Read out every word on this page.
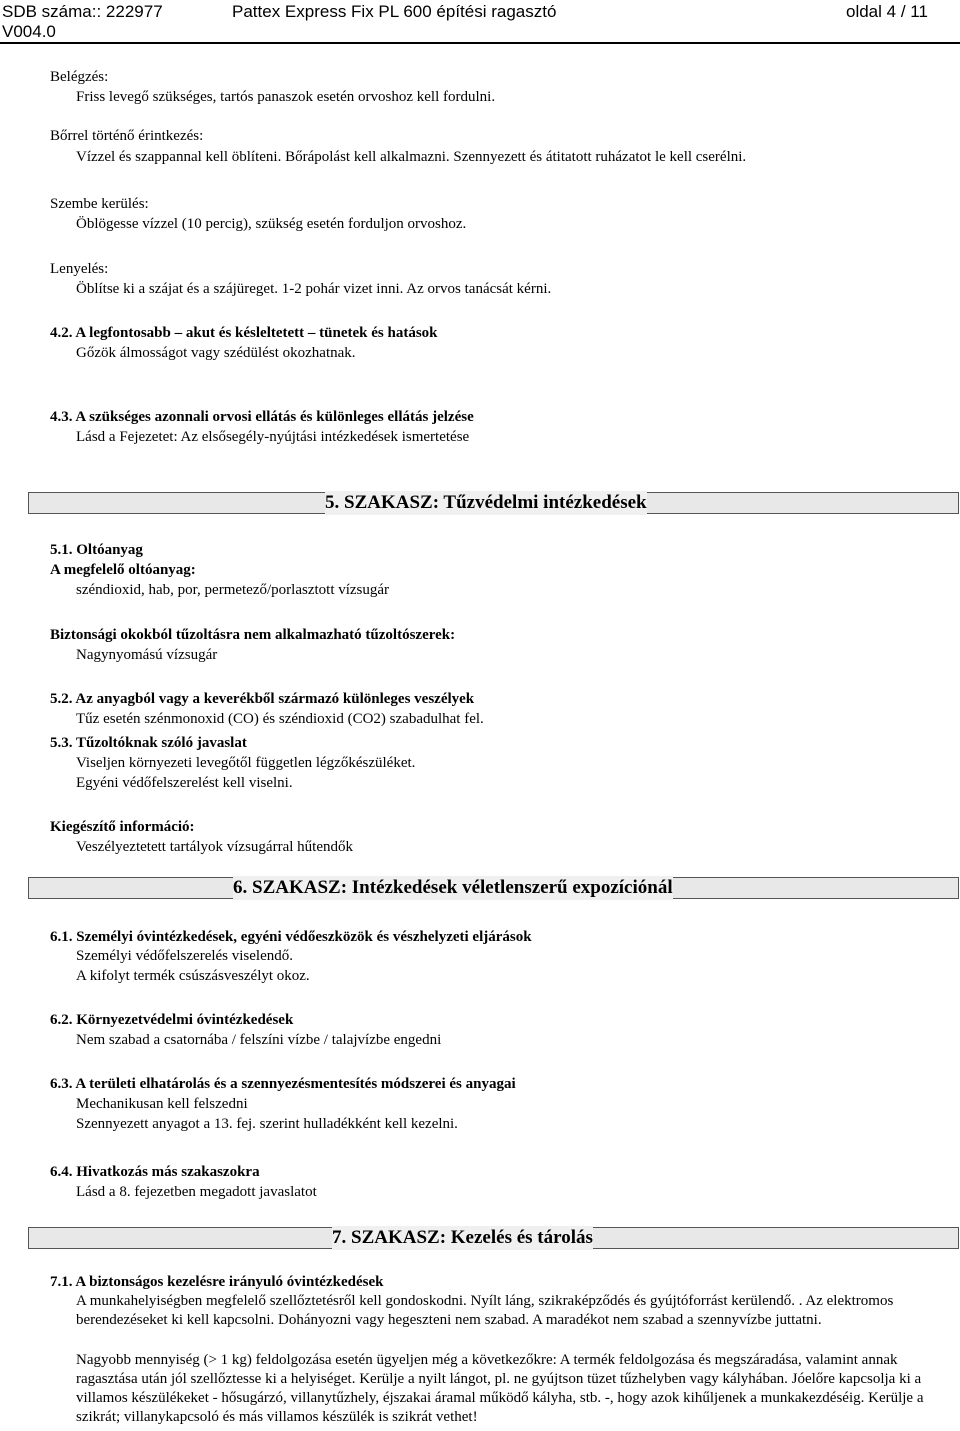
SDB száma:: 222977	Pattex Express Fix PL 600 építési ragasztó	oldal 4 / 11
V004.0
Belégzés:
Friss levegő szükséges, tartós panaszok esetén orvoshoz kell fordulni.
Bőrrel történő érintkezés:
Vízzel és szappannal kell öblíteni. Bőrápolást kell alkalmazni. Szennyezett és átitatott ruházatot le kell cserélni.
Szembe kerülés:
Öblögesse vízzel (10 percig), szükség esetén forduljon orvoshoz.
Lenyelés:
Öblítse ki a szájat és a szájüreget. 1-2 pohár vizet inni. Az orvos tanácsát kérni.
4.2. A legfontosabb – akut és késleltetett – tünetek és hatások
Gőzök álmosságot vagy szédülést okozhatnak.
4.3. A szükséges azonnali orvosi ellátás és különleges ellátás jelzése
Lásd a Fejezetet: Az elsősegély-nyújtási intézkedések ismertetése
5. SZAKASZ: Tűzvédelmi intézkedések
5.1. Oltóanyag
A megfelelő oltóanyag:
széndioxid, hab, por, permetező/porlasztott vízsugár
Biztonsági okokból tűzoltásra nem alkalmazható tűzoltószerek:
Nagynyomású vízsugár
5.2. Az anyagból vagy a keverékből származó különleges veszélyek
Tűz esetén szénmonoxid (CO) és széndioxid (CO2) szabadulhat fel.
5.3. Tűzoltóknak szóló javaslat
Viseljen környezeti levegőtől független légzőkészüléket.
Egyéni védőfelszerelést kell viselni.
Kiegészítő információ:
Veszélyeztetett tartályok vízsugárral hűtendők
6. SZAKASZ: Intézkedések véletlenszerű expozíciónál
6.1. Személyi óvintézkedések, egyéni védőeszközök és vészhelyzeti eljárások
Személyi védőfelszerelés viselendő.
A kifolyt termék csúszásveszélyt okoz.
6.2. Környezetvédelmi óvintézkedések
Nem szabad a csatornába / felszíni vízbe / talajvízbe engedni
6.3. A területi elhatárolás és a szennyezésmentesítés módszerei és anyagai
Mechanikusan kell felszedni
Szennyezett anyagot a 13. fej. szerint hulladékként kell kezelni.
6.4. Hivatkozás más szakaszokra
Lásd a 8. fejezetben megadott javaslatot
7. SZAKASZ: Kezelés és tárolás
7.1. A biztonságos kezelésre irányuló óvintézkedések
A munkahelyiségben megfelelő szellőztetésről kell gondoskodni. Nyílt láng, szikraképződés és gyújtóforrást kerülendő. . Az elektromos berendezéseket ki kell kapcsolni. Dohányozni vagy hegeszteni nem szabad. A maradékot nem szabad a szennyvízbe juttatni.
Nagyobb mennyiség (> 1 kg) feldolgozása esetén ügyeljen még a következőkre: A termék feldolgozása és megszáradása, valamint annak ragasztása után jól szellőztesse ki a helyiséget. Kerülje a nyilt lángot, pl. ne gyújtson tüzet tűzhelyben vagy kályhában. Jóelőre kapcsolja ki a villamos készülékeket - hősugárzó, villanytűzhely, éjszakai áramal működő kályha, stb. -, hogy azok kihűljenek a munkakezdéséig. Kerülje a szikrát; villanykapcsoló és más villamos készülék is szikrát vethet!
